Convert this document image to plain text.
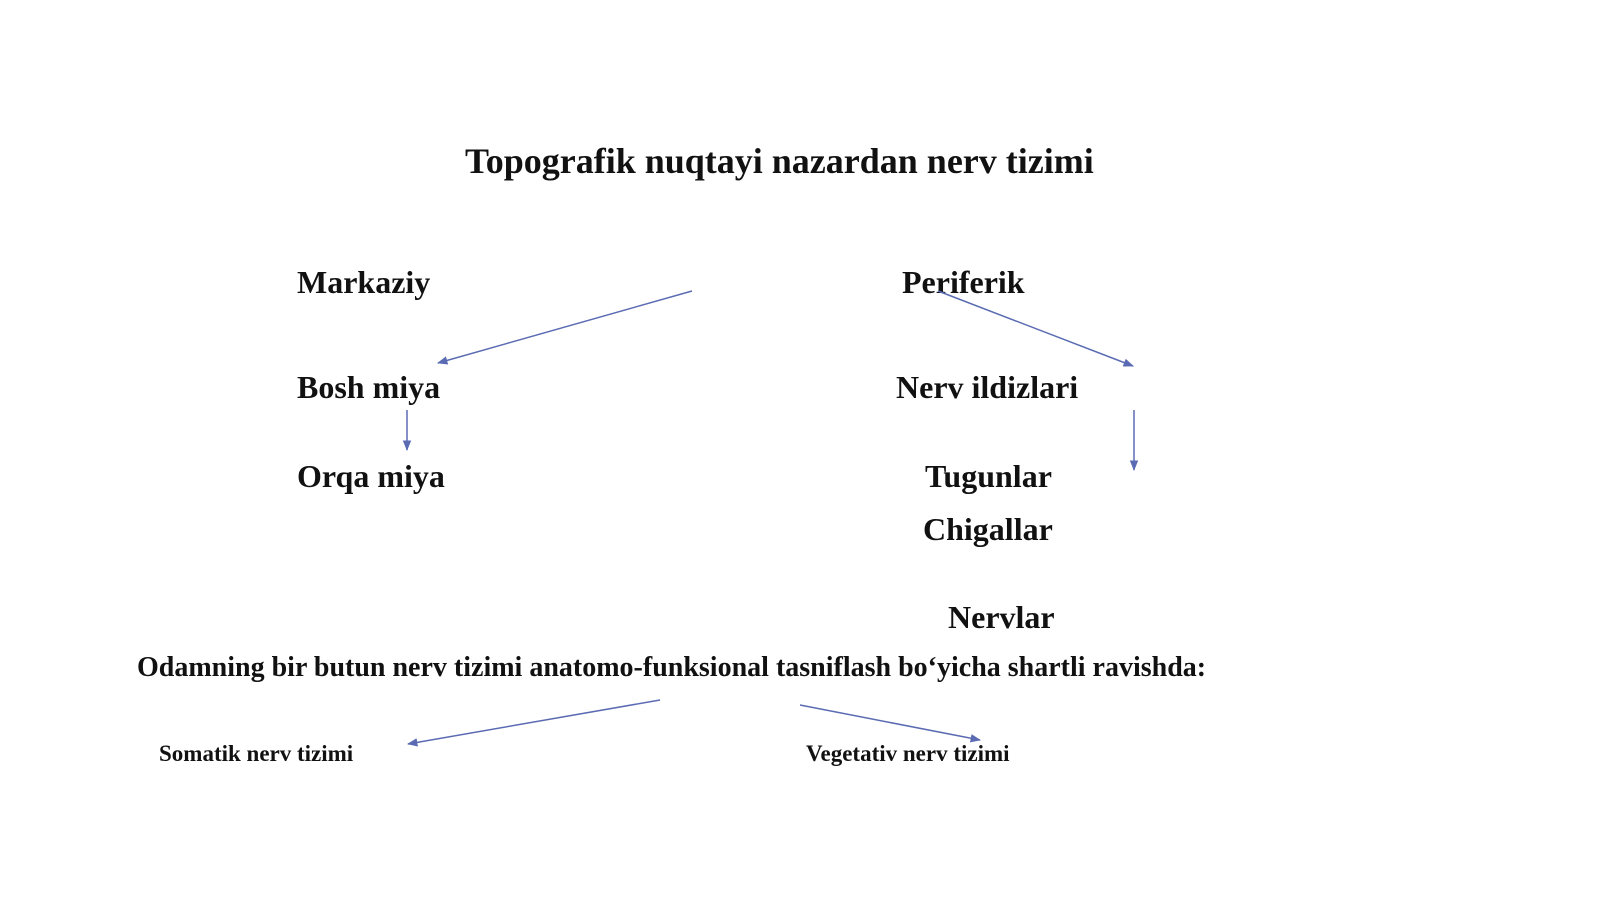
Topografik nuqtayi nazardan nerv tizimi
Markaziy	Periferik
Bosh miya
Orqa miya
Nerv ildizlari
Tugunlar
Chigallar
Nervlar
Odamning bir butun nerv tizimi anatomo-funksional tasniflash bo‘yicha shartli ravishda:
Somatik nerv tizimi	Vegetativ nerv tizimi
